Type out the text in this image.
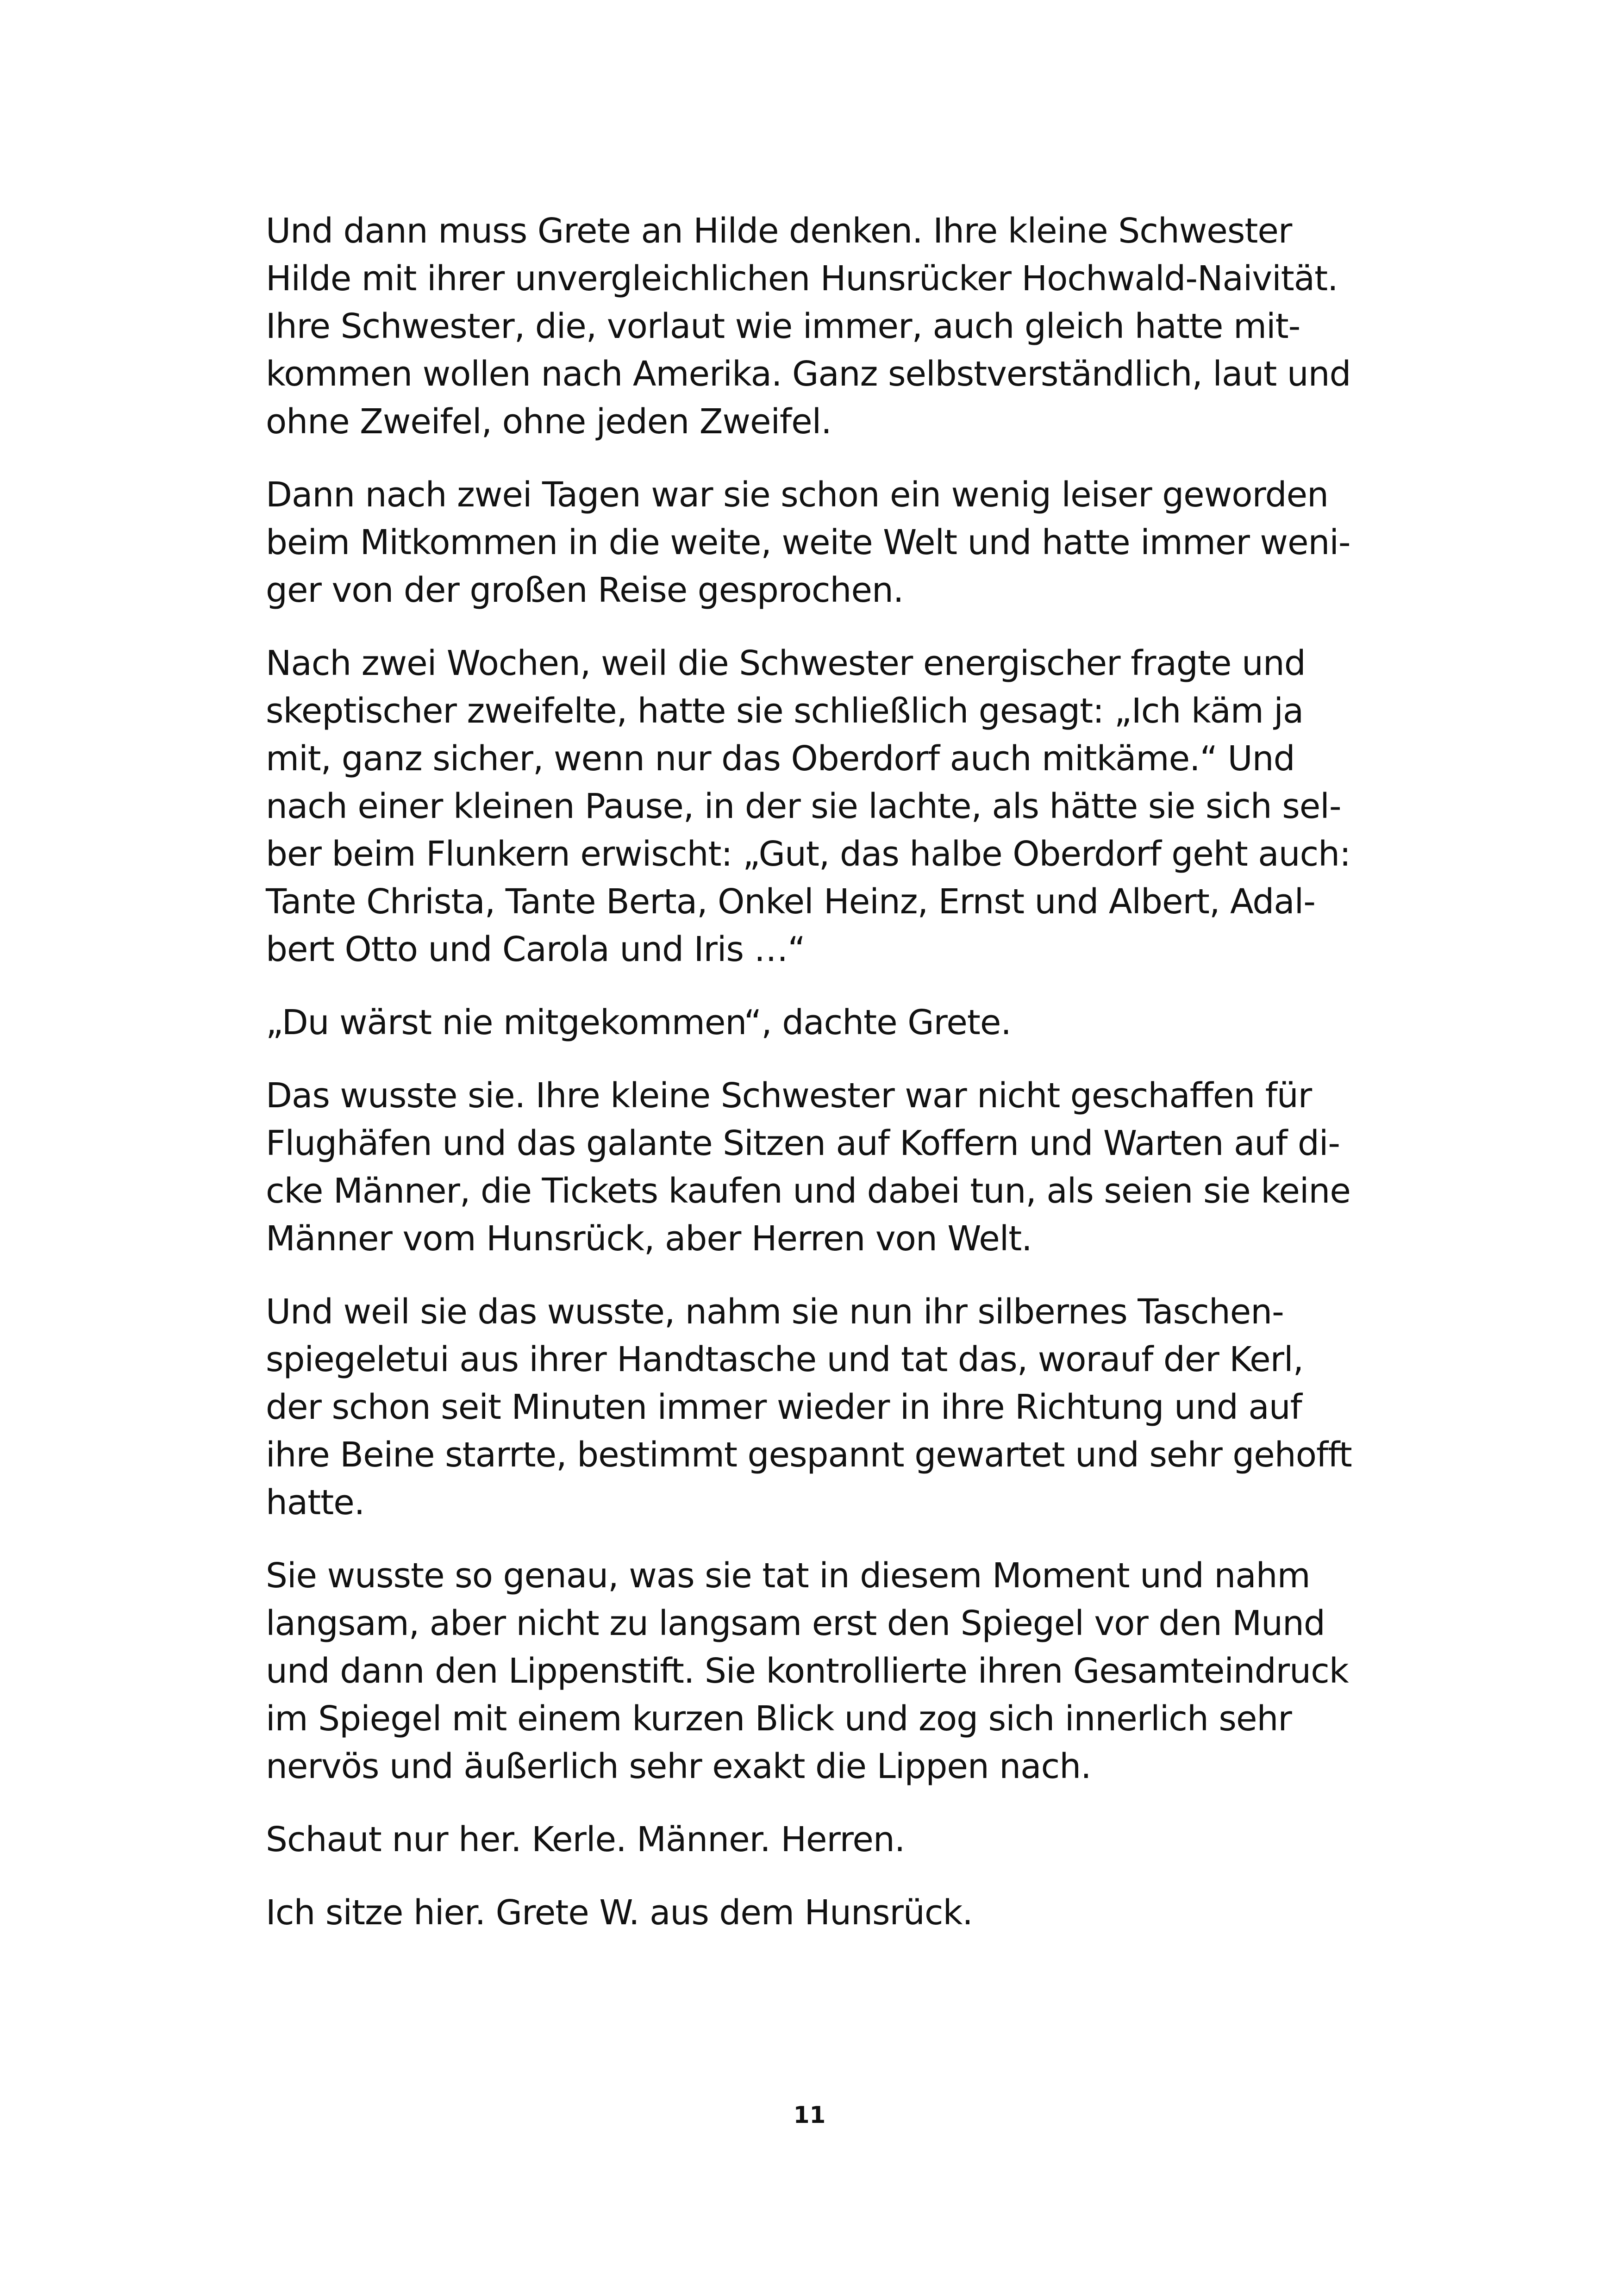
Und dann muss Grete an Hilde denken. Ihre kleine Schwester
Hilde mit ihrer unvergleichlichen Hunsrücker Hochwald-Naivität.
Ihre Schwester, die, vorlaut wie immer, auch gleich hatte mit-
kommen wollen nach Amerika. Ganz selbstverständlich, laut und
ohne Zweifel, ohne jeden Zweifel.

Dann nach zwei Tagen war sie schon ein wenig leiser geworden
beim Mitkommen in die weite, weite Welt und hatte immer weni-
ger von der großen Reise gesprochen.

Nach zwei Wochen, weil die Schwester energischer fragte und
skeptischer zweifelte, hatte sie schließlich gesagt: „Ich käm ja
mit, ganz sicher, wenn nur das Oberdorf auch mitkäme.“ Und
nach einer kleinen Pause, in der sie lachte, als hätte sie sich sel-
ber beim Flunkern erwischt: „Gut, das halbe Oberdorf geht auch:
Tante Christa, Tante Berta, Onkel Heinz, Ernst und Albert, Adal-
bert Otto und Carola und Iris …“

„Du wärst nie mitgekommen“, dachte Grete.

Das wusste sie. Ihre kleine Schwester war nicht geschaffen für
Flughäfen und das galante Sitzen auf Koffern und Warten auf di-
cke Männer, die Tickets kaufen und dabei tun, als seien sie keine
Männer vom Hunsrück, aber Herren von Welt.

Und weil sie das wusste, nahm sie nun ihr silbernes Taschen-
spiegeletui aus ihrer Handtasche und tat das, worauf der Kerl,
der schon seit Minuten immer wieder in ihre Richtung und auf
ihre Beine starrte, bestimmt gespannt gewartet und sehr gehofft
hatte.

Sie wusste so genau, was sie tat in diesem Moment und nahm
langsam, aber nicht zu langsam erst den Spiegel vor den Mund
und dann den Lippenstift. Sie kontrollierte ihren Gesamteindruck
im Spiegel mit einem kurzen Blick und zog sich innerlich sehr
nervös und äußerlich sehr exakt die Lippen nach.

Schaut nur her. Kerle. Männer. Herren.

Ich sitze hier. Grete W. aus dem Hunsrück.

11
